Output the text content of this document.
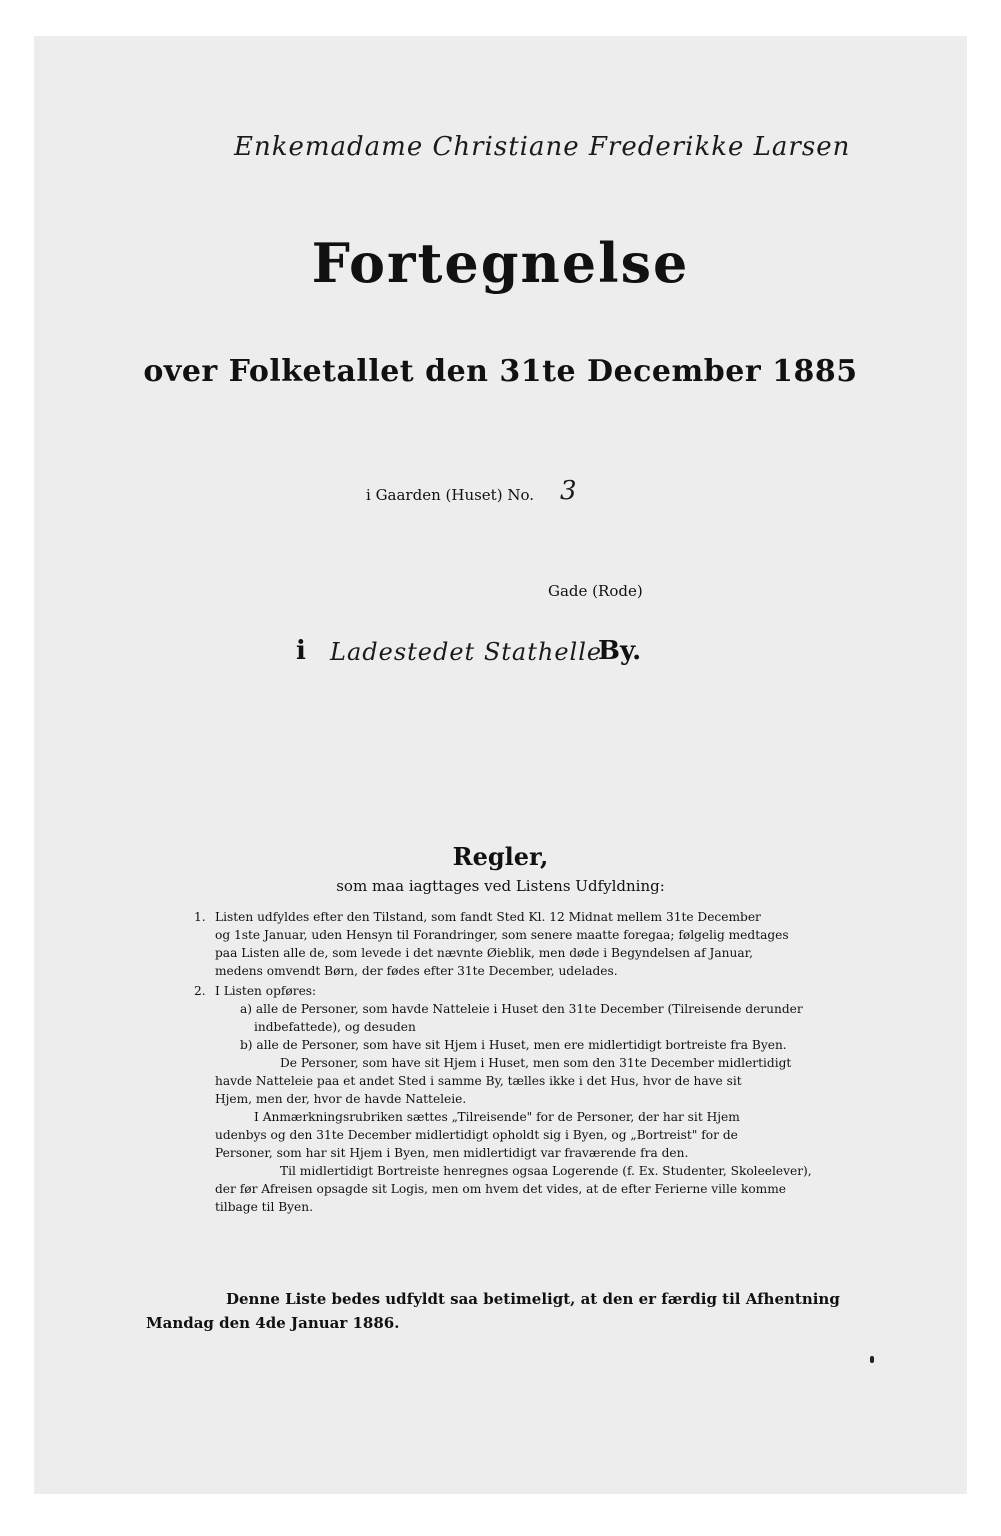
Enkemadame Christiane Frederikke Larsen
Fortegnelse
over Folketallet den 31te December 1885
i Gaarden (Huset) No. 3
Gade (Rode)
i Ladestedet Stathelle
By.
Regler,
som maa iagttages ved Listens Udfyldning:
1. Listen udfyldes efter den Tilstand, som fandt Sted Kl. 12 Midnat mellem 31te December
og 1ste Januar, uden Hensyn til Forandringer, som senere maatte foregaa; følgelig medtages
paa Listen alle de, som levede i det nævnte Øieblik, men døde i Begyndelsen af Januar,
medens omvendt Børn, der fødes efter 31te December, udelades.
2. I Listen opføres:
a) alle de Personer, som havde Natteleie i Huset den 31te December (Tilreisende derunder
indbefattede), og desuden
b) alle de Personer, som have sit Hjem i Huset, men ere midlertidigt bortreiste fra Byen.
De Personer, som have sit Hjem i Huset, men som den 31te December midlertidigt
havde Natteleie paa et andet Sted i samme By, tælles ikke i det Hus, hvor de have sit
Hjem, men der, hvor de havde Natteleie.
I Anmærkningsrubriken sættes „Tilreisende" for de Personer, der har sit Hjem
udenbys og den 31te December midlertidigt opholdt sig i Byen, og „Bortreist" for de
Personer, som har sit Hjem i Byen, men midlertidigt var fraværende fra den.
Til midlertidigt Bortreiste henregnes ogsaa Logerende (f. Ex. Studenter, Skoleelever),
der før Afreisen opsagde sit Logis, men om hvem det vides, at de efter Ferierne ville komme
tilbage til Byen.
Denne Liste bedes udfyldt saa betimeligt, at den er færdig til Afhentning
Mandag den 4de Januar 1886.
